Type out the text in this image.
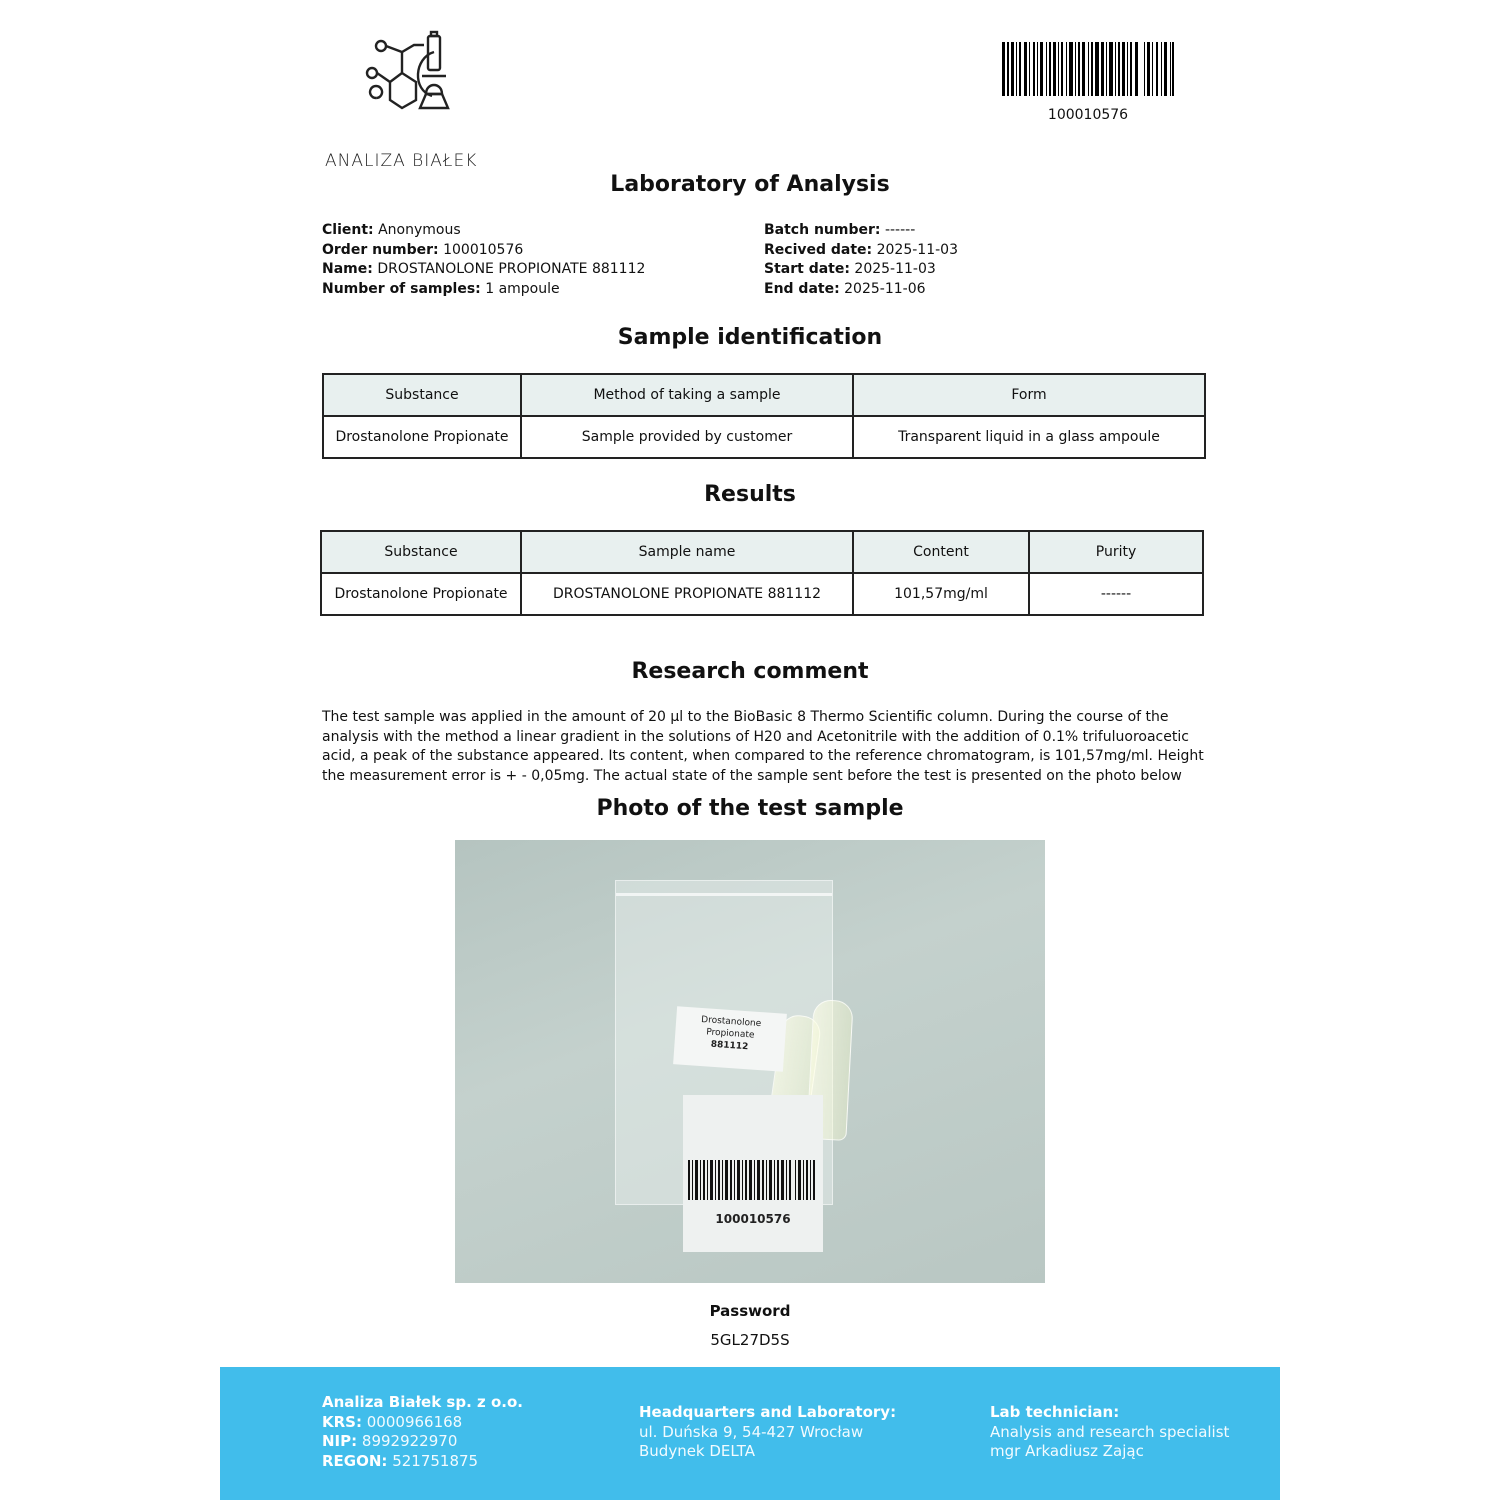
ANALIZA BIAŁEK
100010576
Laboratory of Analysis
Client: Anonymous
Order number: 100010576
Name: DROSTANOLONE PROPIONATE 881112
Number of samples: 1 ampoule
Batch number: ------
Recived date: 2025-11-03
Start date: 2025-11-03
End date: 2025-11-06
Sample identification
Substance	Method of taking a sample	Form
Drostanolone Propionate	Sample provided by customer	Transparent liquid in a glass ampoule
Results
Substance	Sample name	Content	Purity
Drostanolone Propionate	DROSTANOLONE PROPIONATE 881112	101,57mg/ml	------
Research comment
The test sample was applied in the amount of 20 µl to the BioBasic 8 Thermo Scientific column. During the course of the analysis with the method a linear gradient in the solutions of H20 and Acetonitrile with the addition of 0.1% trifuluoroacetic acid, a peak of the substance appeared. Its content, when compared to the reference chromatogram, is 101,57mg/ml. Height the measurement error is + - 0,05mg. The actual state of the sample sent before the test is presented on the photo below
Photo of the test sample
Drostanolone
Propionate
881112
100010576
Password
5GL27D5S
Analiza Białek sp. z o.o.
KRS: 0000966168
NIP: 8992922970
REGON: 521751875
Headquarters and Laboratory:
ul. Duńska 9, 54-427 Wrocław
Budynek DELTA
Lab technician:
Analysis and research specialist
mgr Arkadiusz Zając
